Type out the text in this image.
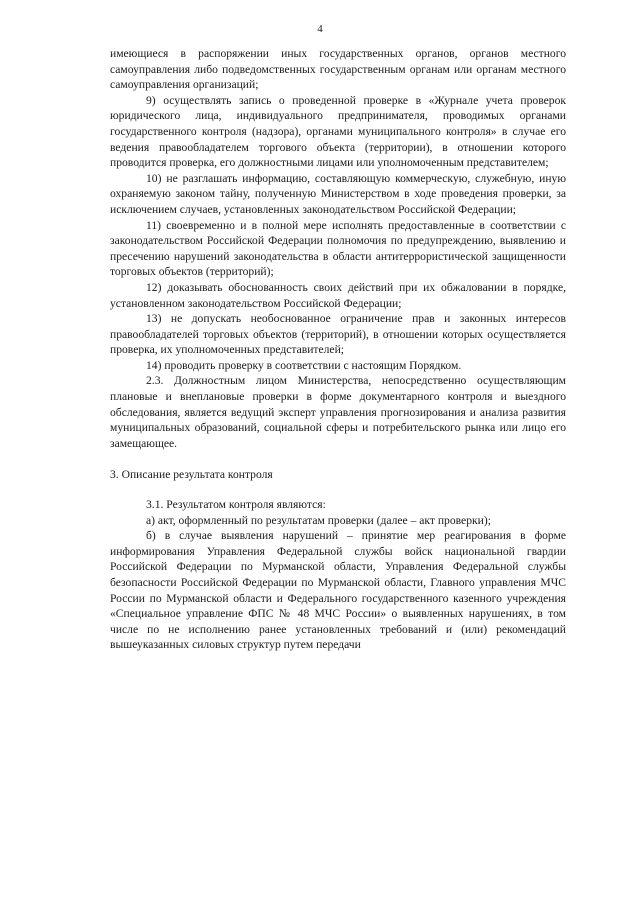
4

имеющиеся в распоряжении иных государственных органов, органов местного самоуправления либо подведомственных государственным органам или органам местного самоуправления организаций;

9) осуществлять запись о проведенной проверке в «Журнале учета проверок юридического лица, индивидуального предпринимателя, проводимых органами государственного контроля (надзора), органами муниципального контроля» в случае его ведения правообладателем торгового объекта (территории), в отношении которого проводится проверка, его должностными лицами или уполномоченным представителем;

10) не разглашать информацию, составляющую коммерческую, служебную, иную охраняемую законом тайну, полученную Министерством в ходе проведения проверки, за исключением случаев, установленных законодательством Российской Федерации;

11) своевременно и в полной мере исполнять предоставленные в соответствии с законодательством Российской Федерации полномочия по предупреждению, выявлению и пресечению нарушений законодательства в области антитеррористической защищенности торговых объектов (территорий);

12) доказывать обоснованность своих действий при их обжаловании в порядке, установленном законодательством Российской Федерации;

13) не допускать необоснованное ограничение прав и законных интересов правообладателей торговых объектов (территорий), в отношении которых осуществляется проверка, их уполномоченных представителей;

14) проводить проверку в соответствии с настоящим Порядком.

2.3. Должностным лицом Министерства, непосредственно осуществляющим плановые и внеплановые проверки в форме документарного контроля и выездного обследования, является ведущий эксперт управления прогнозирования и анализа развития муниципальных образований, социальной сферы и потребительского рынка или лицо его замещающее.

3. Описание результата контроля

3.1. Результатом контроля являются:

а) акт, оформленный по результатам проверки (далее – акт проверки);

б) в случае выявления нарушений – принятие мер реагирования в форме информирования Управления Федеральной службы войск национальной гвардии Российской Федерации по Мурманской области, Управления Федеральной службы безопасности Российской Федерации по Мурманской области, Главного управления МЧС России по Мурманской области и Федерального государственного казенного учреждения «Специальное управление ФПС № 48 МЧС России» о выявленных нарушениях, в том числе по не исполнению ранее установленных требований и (или) рекомендаций вышеуказанных силовых структур путем передачи
